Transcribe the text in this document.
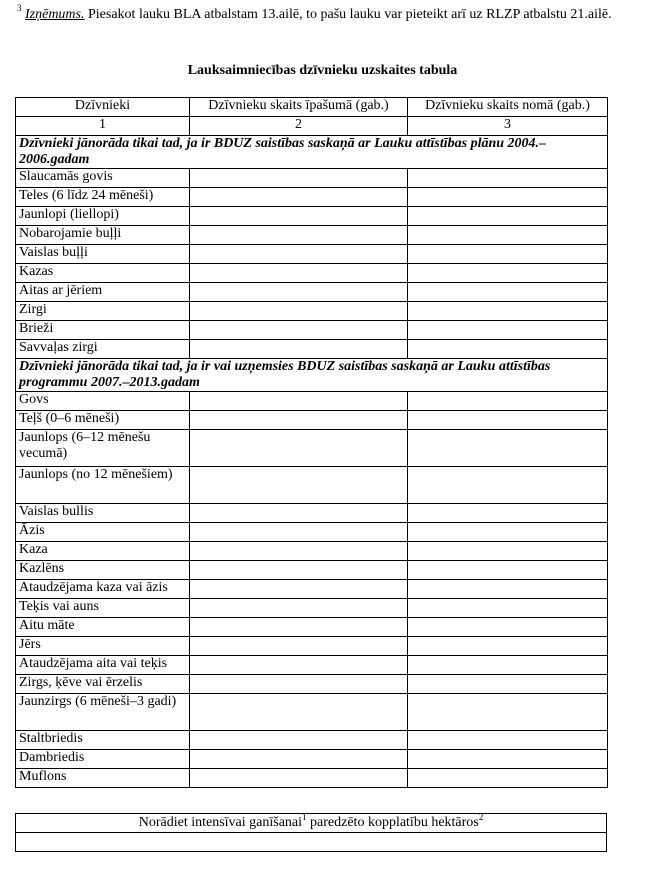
$^3$ Izņēmums. Piesakot lauku BLA atbalstam 13.ailē, to pašu lauku var pieteikt arī uz RLZP atbalstu 21.ailē.
Lauksaimniecības dzīvnieku uzskaites tabula
Dzīvnieki	Dzīvnieku skaits īpašumā (gab.)	Dzīvnieku skaits nomā (gab.)
1	2	3
Dzīvnieki jānorāda tikai tad, ja ir BDUZ saistības saskaņā ar Lauku attīstības plānu 2004.–2006.gadam		
Slaucamās govis		
Teles (6 līdz 24 mēneši)		
Jaunlopi (liellopi)		
Nobarojamie buļļi		
Vaislas buļļi		
Kazas		
Aitas ar jēriem		
Zirgi		
Brieži		
Savvaļas zirgi		
Dzīvnieki jānorāda tikai tad, ja ir vai uzņemsies BDUZ saistības saskaņā ar Lauku attīstības programmu 2007.–2013.gadam		
Govs		
Teļš (0–6 mēneši)		
Jaunlops (6–12 mēnešu vecumā)		
Jaunlops (no 12 mēnešiem)		
Vaislas bullis		
Āzis		
Kaza		
Kazlēns		
Ataudzējama kaza vai āzis		
Teķis vai auns		
Aitu māte		
Jērs		
Ataudzējama aita vai teķis		
Zirgs, ķēve vai ērzelis		
Jaunzirgs (6 mēneši–3 gadi)		
Staltbriedis		
Dambriedis		
Muflons		
Norādiet intensīvai ganīšanai$^1$ paredzēto kopplatību hektāros$^2$
